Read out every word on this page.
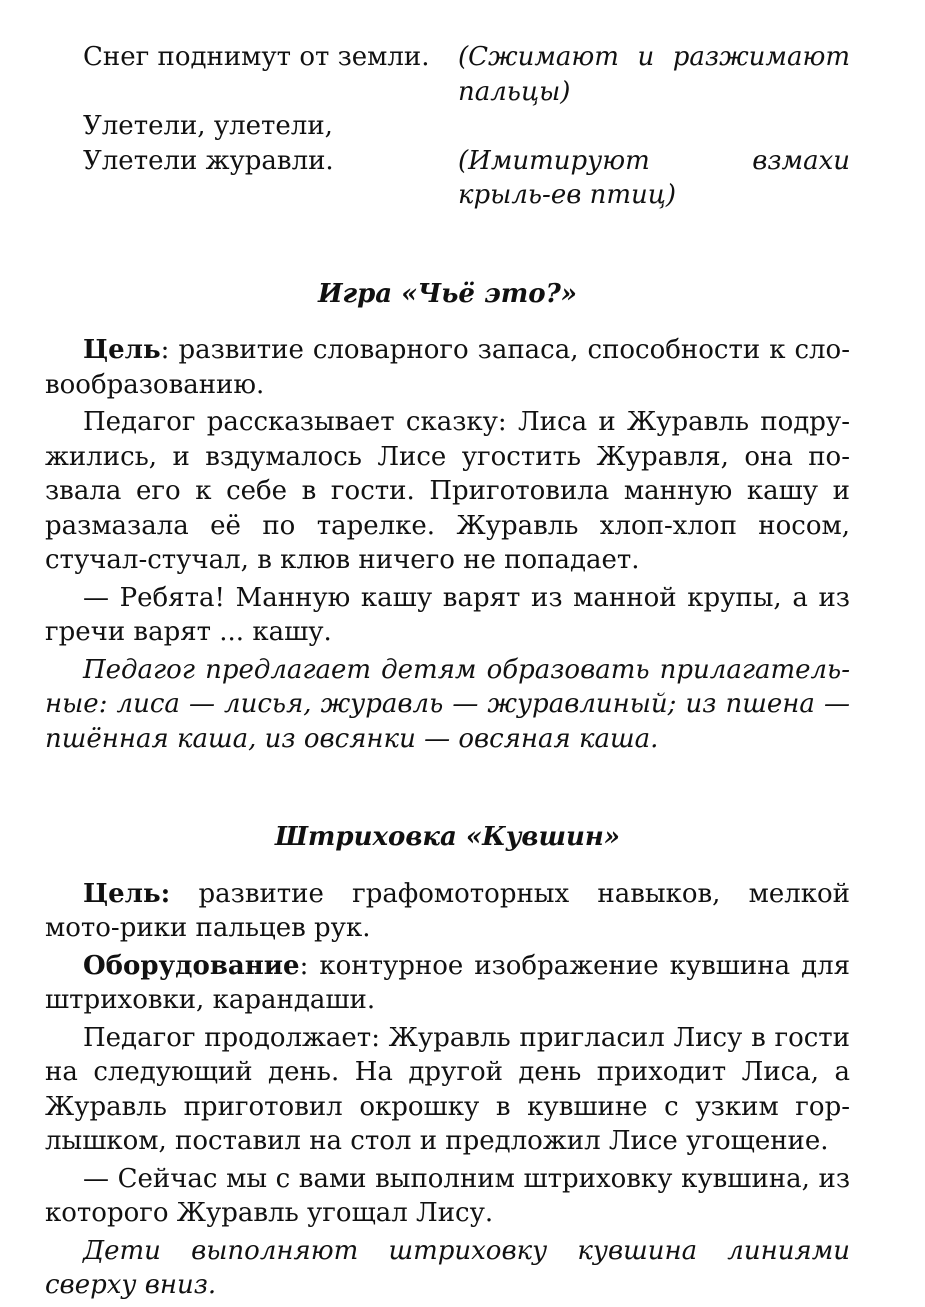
Снег поднимут от земли.	(Сжимают и разжимают пальцы)
Улетели, улетели,
Улетели журавли.	(Имитируют взмахи крыль-ев птиц)
Игра «Чьё это?»

Цель: развитие словарного запаса, способности к сло-вообразованию.

Педагог рассказывает сказку: Лиса и Журавль подру-жились, и вздумалось Лисе угостить Журавля, она по-звала его к себе в гости. Приготовила манную кашу и размазала её по тарелке. Журавль хлоп-хлоп носом, стучал-стучал, в клюв ничего не попадает.

— Ребята! Манную кашу варят из манной крупы, а из гречи варят ... кашу.

Педагог предлагает детям образовать прилагатель-ные: лиса — лисья, журавль — журавлиный; из пшена — пшённая каша, из овсянки — овсяная каша.

Штриховка «Кувшин»

Цель: развитие графомоторных навыков, мелкой мото-рики пальцев рук.

Оборудование: контурное изображение кувшина для штриховки, карандаши.

Педагог продолжает: Журавль пригласил Лису в гости на следующий день. На другой день приходит Лиса, а Журавль приготовил окрошку в кувшине с узким гор-лышком, поставил на стол и предложил Лисе угощение.

— Сейчас мы с вами выполним штриховку кувшина, из которого Журавль угощал Лису.

Дети выполняют штриховку кувшина линиями сверху вниз.
